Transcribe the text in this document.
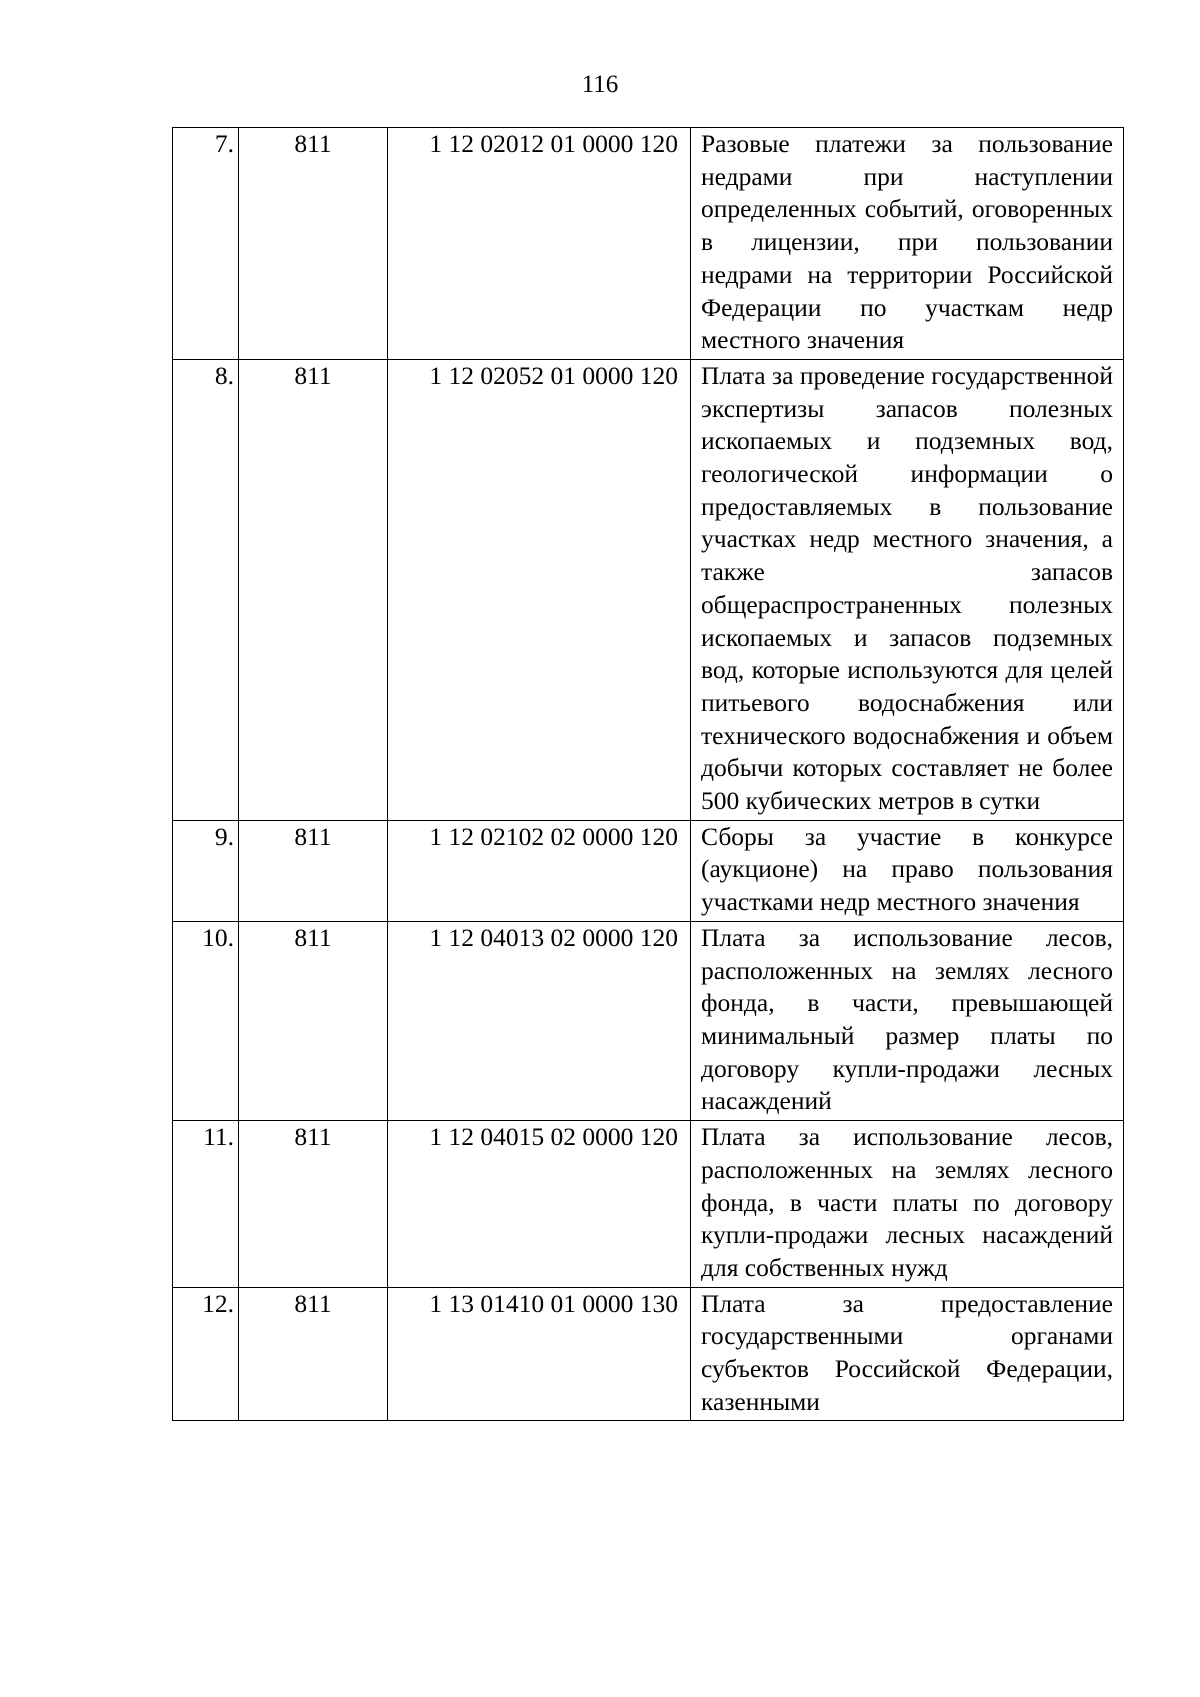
116
7.	811	1 12 02012 01 0000 120	Разовые платежи за пользование недрами при наступлении определенных событий, оговоренных в лицензии, при пользовании недрами на территории Российской Федерации по участкам недр местного значения
8.	811	1 12 02052 01 0000 120	Плата за проведение государственной экспертизы запасов полезных ископаемых и подземных вод, геологической информации о предоставляемых в пользование участках недр местного значения, а также запасов общераспространенных полезных ископаемых и запасов подземных вод, которые используются для целей питьевого водоснабжения или технического водоснабжения и объем добычи которых составляет не более 500 кубических метров в сутки
9.	811	1 12 02102 02 0000 120	Сборы за участие в конкурсе (аукционе) на право пользования участками недр местного значения
10.	811	1 12 04013 02 0000 120	Плата за использование лесов, расположенных на землях лесного фонда, в части, превышающей минимальный размер платы по договору купли-продажи лесных насаждений
11.	811	1 12 04015 02 0000 120	Плата за использование лесов, расположенных на землях лесного фонда, в части платы по договору купли-продажи лесных насаждений для собственных нужд
12.	811	1 13 01410 01 0000 130	Плата за предоставление государственными органами субъектов Российской Федерации, казенными
